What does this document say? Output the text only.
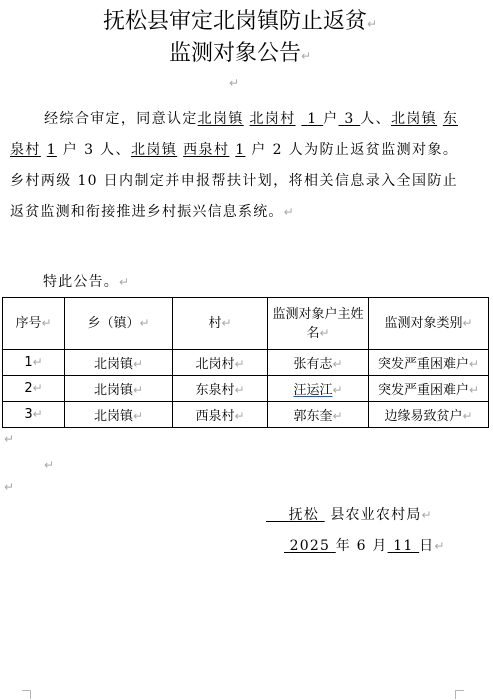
抚松县审定北岗镇防止返贫↵
监测对象公告↵
↵
经综合审定，同意认定北岗镇 北岗村 1 户 3 人、北岗镇 东泉村 1 户 3 人、北岗镇 西泉村 1 户 2 人为防止返贫监测对象。乡村两级 10 日内制定并申报帮扶计划，将相关信息录入全国防止返贫监测和衔接推进乡村振兴信息系统。↵
特此公告。↵
序号↵	乡（镇）↵	村↵	监测对象户主姓名↵	监测对象类别↵
1↵	北岗镇↵	北岗村↵	张有志↵	突发严重困难户↵
2↵	北岗镇↵	东泉村↵	汪运江↵	突发严重困难户↵
3↵	北岗镇↵	西泉村↵	郭东奎↵	边缘易致贫户↵
↵
↵
↵
抚松 县农业农村局↵
2025 年 6 月 11 日↵
